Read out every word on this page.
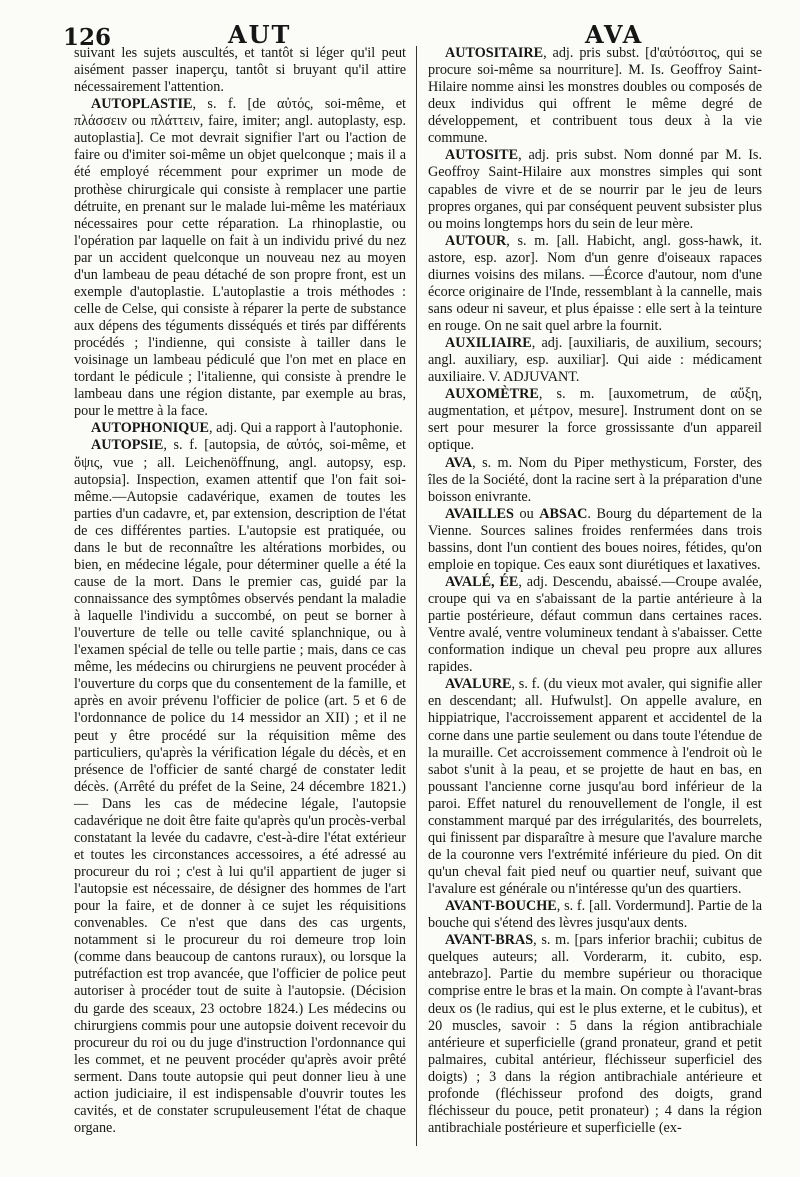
126	AUT	AVA

suivant les sujets auscultés, et tantôt si léger qu'il peut aisément passer inaperçu, tantôt si bruyant qu'il attire nécessairement l'attention.

AUTOPLASTIE, s. f. [de αὐτός, soi-même, et πλάσσειν ou πλάττειν, faire, imiter; angl. autoplasty, esp. autoplastia]. Ce mot devrait signifier l'art ou l'action de faire ou d'imiter soi-même un objet quelconque ; mais il a été employé récemment pour exprimer un mode de prothèse chirurgicale qui consiste à remplacer une partie détruite, en prenant sur le malade lui-même les matériaux nécessaires pour cette réparation. La rhinoplastie, ou l'opération par laquelle on fait à un individu privé du nez par un accident quelconque un nouveau nez au moyen d'un lambeau de peau détaché de son propre front, est un exemple d'autoplastie. L'autoplastie a trois méthodes : celle de Celse, qui consiste à réparer la perte de substance aux dépens des téguments disséqués et tirés par différents procédés ; l'indienne, qui consiste à tailler dans le voisinage un lambeau pédiculé que l'on met en place en tordant le pédicule ; l'italienne, qui consiste à prendre le lambeau dans une région distante, par exemple au bras, pour le mettre à la face.

AUTOPHONIQUE, adj. Qui a rapport à l'autophonie.

AUTOPSIE, s. f. [autopsia, de αὐτός, soi-même, et ὄψις, vue ; all. Leichenöffnung, angl. autopsy, esp. autopsia]. Inspection, examen attentif que l'on fait soi-même.—Autopsie cadavérique, examen de toutes les parties d'un cadavre, et, par extension, description de l'état de ces différentes parties. L'autopsie est pratiquée, ou dans le but de reconnaître les altérations morbides, ou bien, en médecine légale, pour déterminer quelle a été la cause de la mort. Dans le premier cas, guidé par la connaissance des symptômes observés pendant la maladie à laquelle l'individu a succombé, on peut se borner à l'ouverture de telle ou telle cavité splanchnique, ou à l'examen spécial de telle ou telle partie ; mais, dans ce cas même, les médecins ou chirurgiens ne peuvent procéder à l'ouverture du corps que du consentement de la famille, et après en avoir prévenu l'officier de police (art. 5 et 6 de l'ordonnance de police du 14 messidor an XII) ; et il ne peut y être procédé sur la réquisition même des particuliers, qu'après la vérification légale du décès, et en présence de l'officier de santé chargé de constater ledit décès. (Arrêté du préfet de la Seine, 24 décembre 1821.) — Dans les cas de médecine légale, l'autopsie cadavérique ne doit être faite qu'après qu'un procès-verbal constatant la levée du cadavre, c'est-à-dire l'état extérieur et toutes les circonstances accessoires, a été adressé au procureur du roi ; c'est à lui qu'il appartient de juger si l'autopsie est nécessaire, de désigner des hommes de l'art pour la faire, et de donner à ce sujet les réquisitions convenables. Ce n'est que dans des cas urgents, notamment si le procureur du roi demeure trop loin (comme dans beaucoup de cantons ruraux), ou lorsque la putréfaction est trop avancée, que l'officier de police peut autoriser à procéder tout de suite à l'autopsie. (Décision du garde des sceaux, 23 octobre 1824.) Les médecins ou chirurgiens commis pour une autopsie doivent recevoir du procureur du roi ou du juge d'instruction l'ordonnance qui les commet, et ne peuvent procéder qu'après avoir prêté serment. Dans toute autopsie qui peut donner lieu à une action judiciaire, il est indispensable d'ouvrir toutes les cavités, et de constater scrupuleusement l'état de chaque organe.

AUTOSITAIRE, adj. pris subst. [d'αὐτόσιτος, qui se procure soi-même sa nourriture]. M. Is. Geoffroy Saint-Hilaire nomme ainsi les monstres doubles ou composés de deux individus qui offrent le même degré de développement, et contribuent tous deux à la vie commune.

AUTOSITE, adj. pris subst. Nom donné par M. Is. Geoffroy Saint-Hilaire aux monstres simples qui sont capables de vivre et de se nourrir par le jeu de leurs propres organes, qui par conséquent peuvent subsister plus ou moins longtemps hors du sein de leur mère.

AUTOUR, s. m. [all. Habicht, angl. goss-hawk, it. astore, esp. azor]. Nom d'un genre d'oiseaux rapaces diurnes voisins des milans. —Écorce d'autour, nom d'une écorce originaire de l'Inde, ressemblant à la cannelle, mais sans odeur ni saveur, et plus épaisse : elle sert à la teinture en rouge. On ne sait quel arbre la fournit.

AUXILIAIRE, adj. [auxiliaris, de auxilium, secours; angl. auxiliary, esp. auxiliar]. Qui aide : médicament auxiliaire. V. ADJUVANT.

AUXOMÈTRE, s. m. [auxometrum, de αὔξη, augmentation, et μέτρον, mesure]. Instrument dont on se sert pour mesurer la force grossissante d'un appareil optique.

AVA, s. m. Nom du Piper methysticum, Forster, des îles de la Société, dont la racine sert à la préparation d'une boisson enivrante.

AVAILLES ou ABSAC. Bourg du département de la Vienne. Sources salines froides renfermées dans trois bassins, dont l'un contient des boues noires, fétides, qu'on emploie en topique. Ces eaux sont diurétiques et laxatives.

AVALÉ, ÉE, adj. Descendu, abaissé.—Croupe avalée, croupe qui va en s'abaissant de la partie antérieure à la partie postérieure, défaut commun dans certaines races. Ventre avalé, ventre volumineux tendant à s'abaisser. Cette conformation indique un cheval peu propre aux allures rapides.

AVALURE, s. f. (du vieux mot avaler, qui signifie aller en descendant; all. Hufwulst]. On appelle avalure, en hippiatrique, l'accroissement apparent et accidentel de la corne dans une partie seulement ou dans toute l'étendue de la muraille. Cet accroissement commence à l'endroit où le sabot s'unit à la peau, et se projette de haut en bas, en poussant l'ancienne corne jusqu'au bord inférieur de la paroi. Effet naturel du renouvellement de l'ongle, il est constamment marqué par des irrégularités, des bourrelets, qui finissent par disparaître à mesure que l'avalure marche de la couronne vers l'extrémité inférieure du pied. On dit qu'un cheval fait pied neuf ou quartier neuf, suivant que l'avalure est générale ou n'intéresse qu'un des quartiers.

AVANT-BOUCHE, s. f. [all. Vordermund]. Partie de la bouche qui s'étend des lèvres jusqu'aux dents.

AVANT-BRAS, s. m. [pars inferior brachii; cubitus de quelques auteurs; all. Vorderarm, it. cubito, esp. antebrazo]. Partie du membre supérieur ou thoracique comprise entre le bras et la main. On compte à l'avant-bras deux os (le radius, qui est le plus externe, et le cubitus), et 20 muscles, savoir : 5 dans la région antibrachiale antérieure et superficielle (grand pronateur, grand et petit palmaires, cubital antérieur, fléchisseur superficiel des doigts) ; 3 dans la région antibrachiale antérieure et profonde (fléchisseur profond des doigts, grand fléchisseur du pouce, petit pronateur) ; 4 dans la région antibrachiale postérieure et superficielle (ex-
